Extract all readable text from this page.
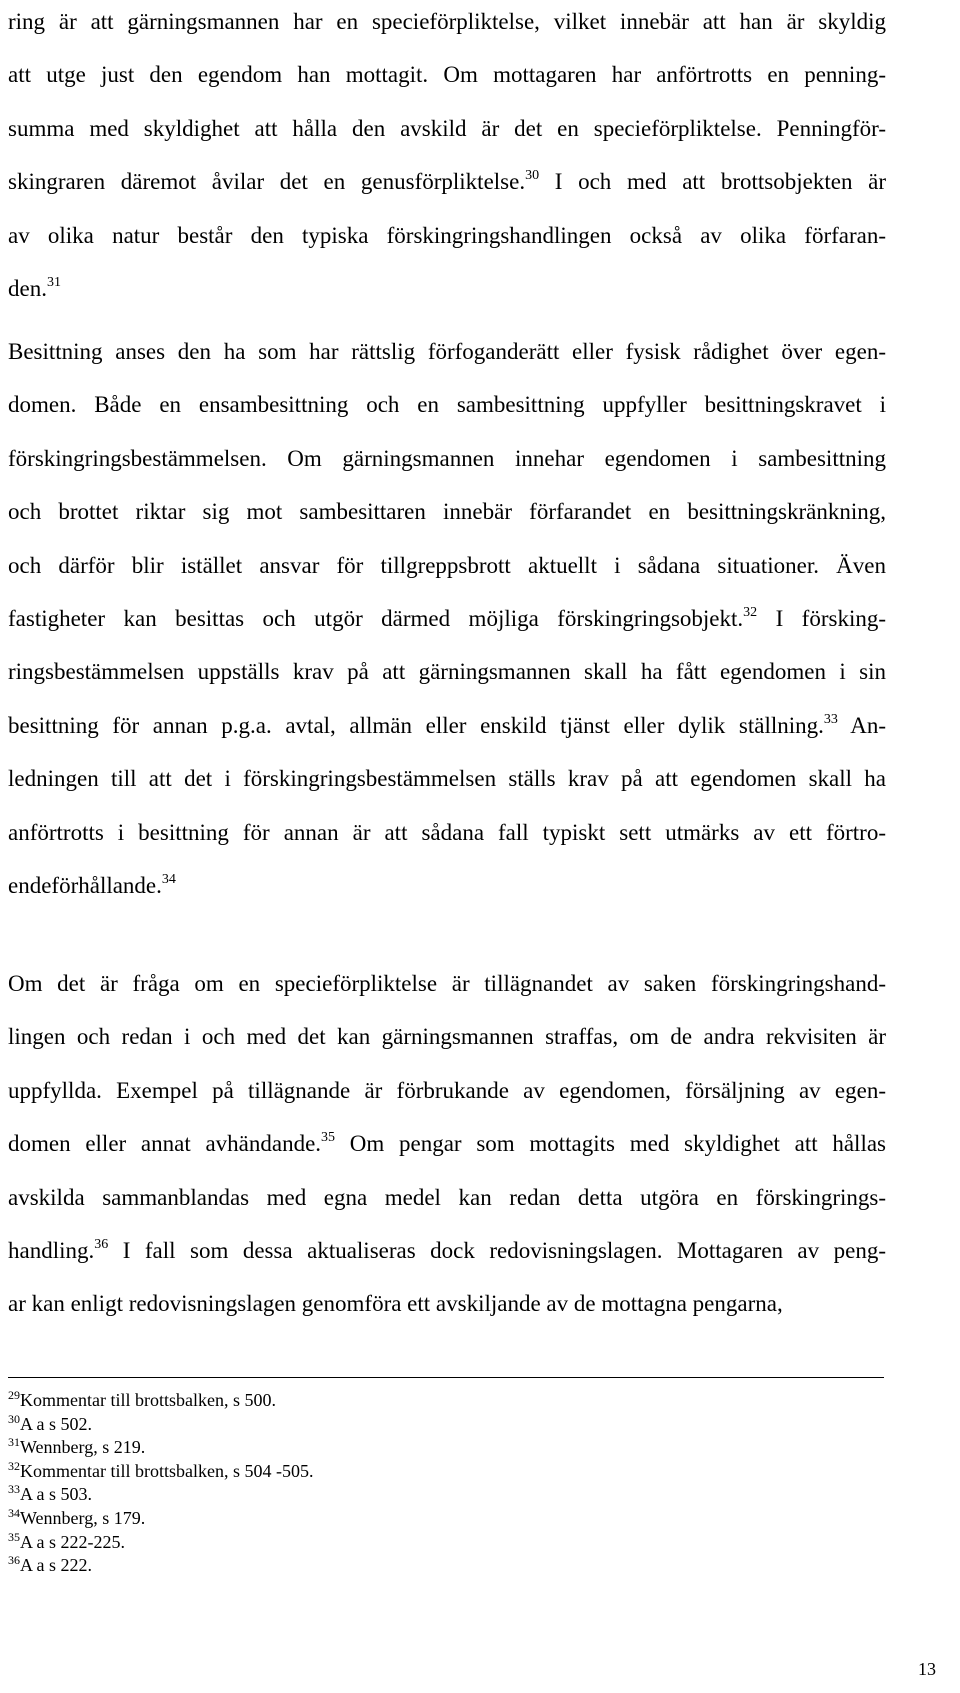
ring är att gärningsmannen har en specieförpliktelse, vilket innebär att han är skyldig
att utge just den egendom han mottagit. Om mottagaren har anförtrotts en penning-
summa med skyldighet att hålla den avskild är det en specieförpliktelse. Penningför-
skingraren däremot åvilar det en genusförpliktelse.$^{30}$ I och med att brottsobjekten är
av olika natur består den typiska förskingringshandlingen också av olika förfaran-
den.$^{31}$
Besittning anses den ha som har rättslig förfoganderätt eller fysisk rådighet över egen-
domen. Både en ensambesittning och en sambesittning uppfyller besittningskravet i
förskingringsbestämmelsen. Om gärningsmannen innehar egendomen i sambesittning
och brottet riktar sig mot sambesittaren innebär förfarandet en besittningskränkning,
och därför blir istället ansvar för tillgreppsbrott aktuellt i sådana situationer. Även
fastigheter kan besittas och utgör därmed möjliga förskingringsobjekt.$^{32}$ I försking-
ringsbestämmelsen uppställs krav på att gärningsmannen skall ha fått egendomen i sin
besittning för annan p.g.a. avtal, allmän eller enskild tjänst eller dylik ställning.$^{33}$ An-
ledningen till att det i förskingringsbestämmelsen ställs krav på att egendomen skall ha
anförtrotts i besittning för annan är att sådana fall typiskt sett utmärks av ett förtro-
endeförhållande.$^{34}$
Om det är fråga om en specieförpliktelse är tillägnandet av saken förskingringshand-
lingen och redan i och med det kan gärningsmannen straffas, om de andra rekvisiten är
uppfyllda. Exempel på tillägnande är förbrukande av egendomen, försäljning av egen-
domen eller annat avhändande.$^{35}$ Om pengar som mottagits med skyldighet att hållas
avskilda sammanblandas med egna medel kan redan detta utgöra en förskingrings-
handling.$^{36}$ I fall som dessa aktualiseras dock redovisningslagen. Mottagaren av peng-
ar kan enligt redovisningslagen genomföra ett avskiljande av de mottagna pengarna,
$^{29}$Kommentar till brottsbalken, s 500.
$^{30}$A a s 502.
$^{31}$Wennberg, s 219.
$^{32}$Kommentar till brottsbalken, s 504 -505.
$^{33}$A a s 503.
$^{34}$Wennberg, s 179.
$^{35}$A a s 222-225.
$^{36}$A a s 222.
13
